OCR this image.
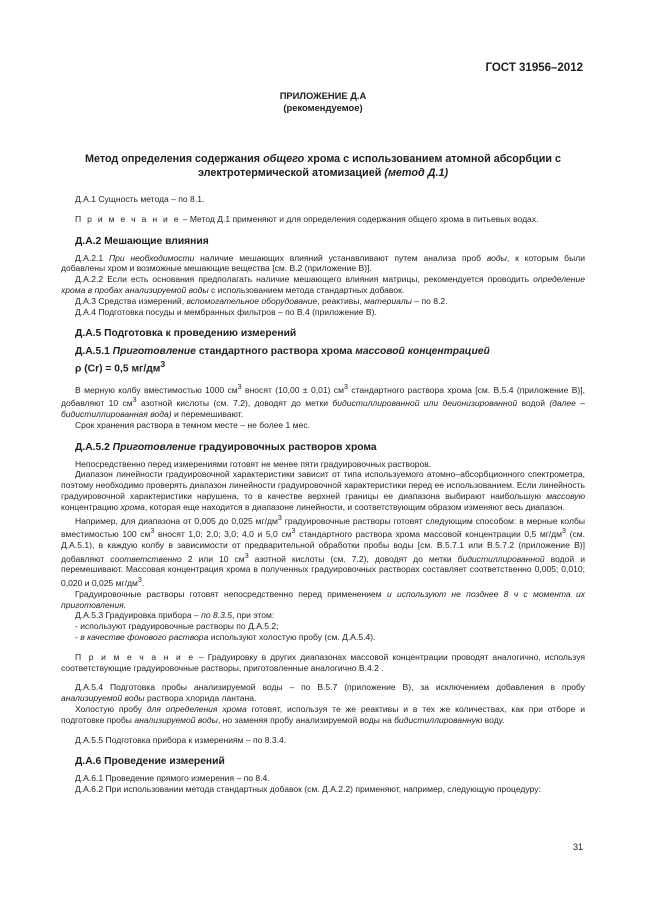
ГОСТ 31956–2012
ПРИЛОЖЕНИЕ Д.А
(рекомендуемое)
Метод определения содержания общего хрома с использованием атомной абсорбции с электротермической атомизацией (метод Д.1)

Д.А.1 Сущность метода – по 8.1.

П р и м е ч а н и е – Метод Д.1 применяют и для определения содержания общего хрома в питьевых водах.

Д.А.2 Мешающие влияния

Д.А.2.1 При необходимости наличие мешающих влияний устанавливают путем анализа проб воды, к которым были добавлены хром и возможные мешающие вещества [см. В.2 (приложение В)].

Д.А.2.2 Если есть основания предполагать наличие мешающего влияния матрицы, рекомендуется проводить определение хрома в пробах анализируемой воды с использованием метода стандартных добавок.

Д.А.3 Средства измерений, вспомогательное оборудование, реактивы, материалы – по 8.2.

Д.А.4 Подготовка посуды и мембранных фильтров – по В.4 (приложение В).

Д.А.5 Подготовка к проведению измерений

Д.А.5.1 Приготовление стандартного раствора хрома массовой концентрацией
ρ (Cr) = 0,5 $мг/дм^3$

В мерную колбу вместимостью 1000 $см^3$ вносят (10,00 ± 0,01) $см^3$ стандартного раствора хрома [см. В.5.4 (приложение В)], добавляют 10 $см^3$ азотной кислоты (см. 7.2), доводят до метки бидистиллированной или деионизированной водой (далее – бидистиллированная вода) и перемешивают.

Срок хранения раствора в темном месте – не более 1 мес.

Д.А.5.2 Приготовление градуировочных растворов хрома

Непосредственно перед измерениями готовят не менее пяти градуировочных растворов.

Диапазон линейности градуировочной характеристики зависит от типа используемого атомно–абсорбционного спектрометра, поэтому необходимо проверять диапазон линейности градуировочной характеристики перед ее использованием. Если линейность градуировочной характеристики нарушена, то в качестве верхней границы ее диапазона выбирают наибольшую массовую концентрацию хрома, которая еще находится в диапазоне линейности, и соответствующим образом изменяют весь диапазон.

Например, для диапазона от 0,005 до 0,025 $мг/дм^3$ градуировочные растворы готовят следующим способом: в мерные колбы вместимостью 100 $см^3$ вносят 1,0; 2,0; 3,0; 4,0 и 5,0 $см^3$ стандартного раствора хрома массовой концентрации 0,5 $мг/дм^3$ (см. Д.А.5.1), в каждую колбу в зависимости от предварительной обработки пробы воды [см. В.5.7.1 или В.5.7.2 (приложение В)] добавляют соответственно 2 или 10 $см^3$ азотной кислоты (см. 7.2), доводят до метки бидистиллированной водой и перемешивают. Массовая концентрация хрома в полученных градуировочных растворах составляет соответственно 0,005; 0,010; 0,020 и 0,025 $мг/дм^3$.

Градуировочные растворы готовят непосредственно перед применением и используют не позднее 8 ч с момента их приготовления.

Д.А.5.3 Градуировка прибора – по 8.3.5, при этом:

- используют градуировочные растворы по Д.А.5.2;

- в качестве фонового раствора используют холостую пробу (см. Д.А.5.4).

П р и м е ч а н и е – Градуировку в других диапазонах массовой концентрации проводят аналогично, используя соответствующие градуировочные растворы, приготовленные аналогично В.4.2 .

Д.А.5.4 Подготовка пробы анализируемой воды – по В.5.7 (приложение В), за исключением добавления в пробу анализируемой воды раствора хлорида лантана.

Холостую пробу для определения хрома готовят, используя те же реактивы и в тех же количествах, как при отборе и подготовке пробы анализируемой воды, но заменяя пробу анализируемой воды на бидистиллированную воду.

Д.А.5.5 Подготовка прибора к измерениям – по 8.3.4.

Д.А.6 Проведение измерений

Д.А.6.1 Проведение прямого измерения – по 8.4.

Д.А.6.2 При использовании метода стандартных добавок (см. Д.А.2.2) применяют, например, следующую процедуру:

31
